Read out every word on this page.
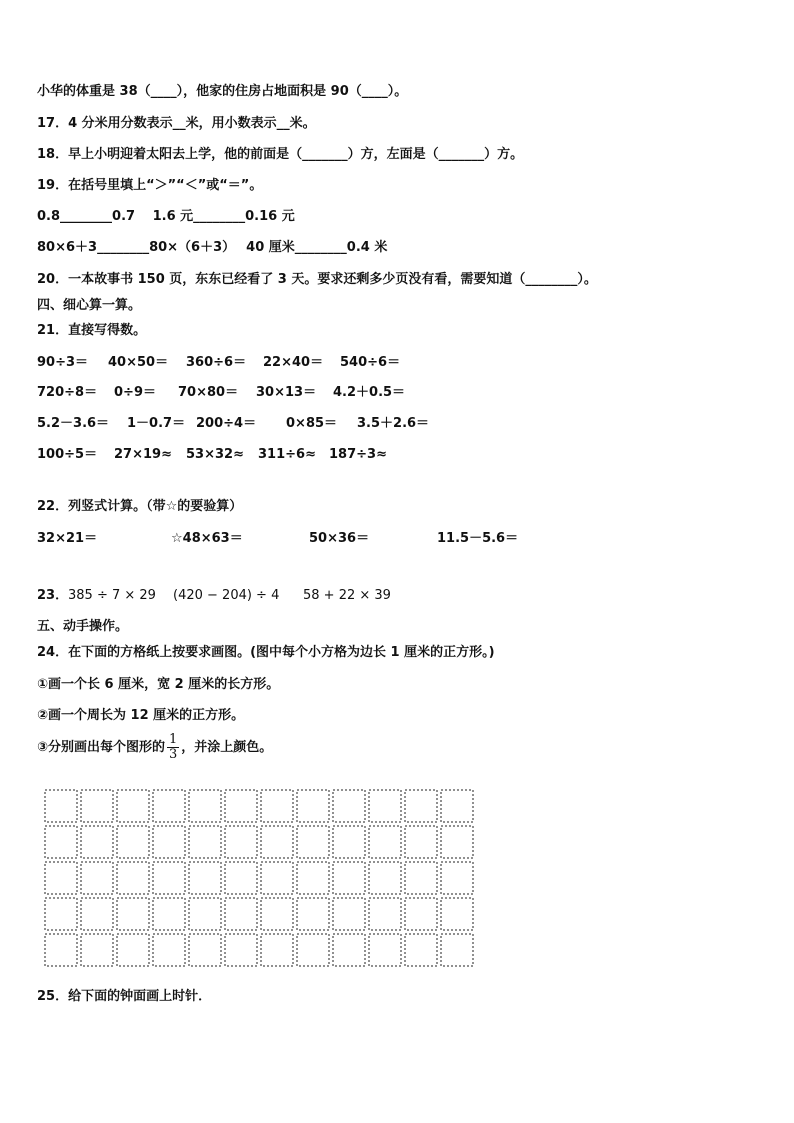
小华的体重是 38（____），他家的住房占地面积是 90（____）。
17．4 分米用分数表示__米，用小数表示__米。
18．早上小明迎着太阳去上学，他的前面是（_______）方，左面是（_______）方。
19．在括号里填上“＞”“＜”或“＝”。
0.8________0.7　 1.6 元________0.16 元
80×6＋3________80×（6＋3）　 40 厘米________0.4 米
20．一本故事书 150 页，东东已经看了 3 天。要求还剩多少页没有看，需要知道（________）。
四、细心算一算。
21．直接写得数。
90÷3＝ 40×50＝ 360÷6＝ 22×40＝ 540÷6＝
720÷8＝ 0÷9＝ 70×80＝ 30×13＝ 4.2＋0.5＝
5.2－3.6＝ 1－0.7＝ 200÷4＝ 0×85＝ 3.5＋2.6＝
100÷5＝ 27×19≈ 53×32≈ 311÷6≈ 187÷3≈
22．列竖式计算。（带☆的要验算）
32×21＝	☆48×63＝	50×36＝	11.5－5.6＝
23． 385 ÷ 7 × 29 (420 − 204) ÷ 4 58 + 22 × 39
五、动手操作。
24．在下面的方格纸上按要求画图。(图中每个小方格为边长 1 厘米的正方形。)
①画一个长 6 厘米，宽 2 厘米的长方形。
②画一个周长为 12 厘米的正方形。
③分别画出每个图形的 $\frac{1}{3}$ ，并涂上颜色。
25．给下面的钟面画上时针．
